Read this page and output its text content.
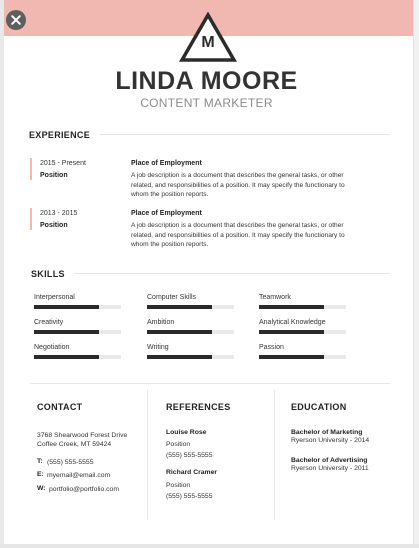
M
LINDA MOORE
CONTENT MARKETER
EXPERIENCE
2015 - Present
Position
Place of Employment
A job description is a document that describes the general tasks, or other
related, and responsibilities of a position. It may specify the functionary to
whom the position reports.
2013 - 2015
Position
Place of Employment
A job description is a document that describes the general tasks, or other
related, and responsibilities of a position. It may specify the functionary to
whom the position reports.
SKILLS
Interpersonal	Computer Skills	Teamwork
Creativity	Ambition	Analytical Knowledge
Negotiation	Writing	Passion
CONTACT
3768 Shearwood Forest Drive
Coffee Creek, MT 59424
T: (555) 555-5555
E: myemail@email.com
W: portfolio@portfolio.com
REFERENCES
Louise Rose
Position
(555) 555-5555
Richard Cramer
Position
(555) 555-5555
EDUCATION
Bachelor of Marketing
Ryerson University - 2014
Bachelor of Advertising
Ryerson University - 2011
